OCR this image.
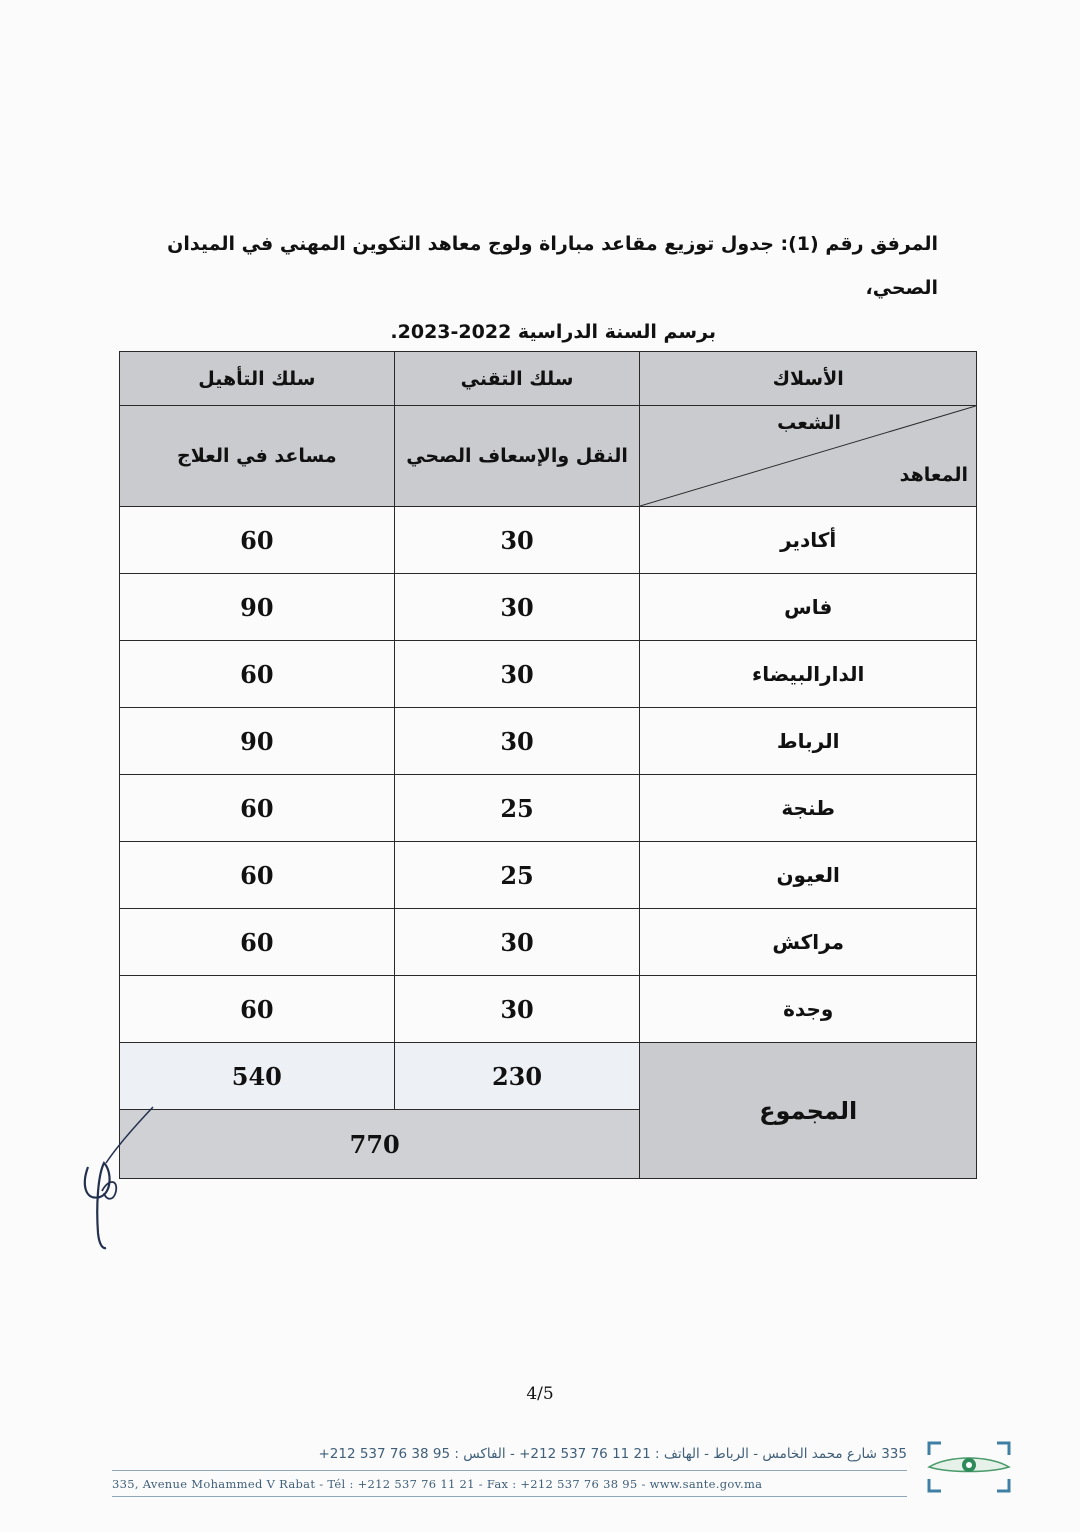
المرفق رقم (1): جدول توزيع مقاعد مباراة ولوج معاهد التكوين المهني في الميدان الصحي،
برسم السنة الدراسية 2022-2023.
الأسلاك	سلك التقني	سلك التأهيل

الشعب
المعاهد	النقل والإسعاف الصحي	مساعد في العلاج
أكادير	30	60
فاس	30	90
الدارالبيضاء	30	60
الرباط	30	90
طنجة	25	60
العيون	25	60
مراكش	30	60
وجدة	30	60
المجموع	230	540
	770	
4/5
335 شارع محمد الخامس - الرباط - الهاتف : 21 11 76 537 212+ - الفاكس : 95 38 76 537 212+
335, Avenue Mohammed V Rabat - Tél : +212 537 76 11 21 - Fax : +212 537 76 38 95 - www.sante.gov.ma
